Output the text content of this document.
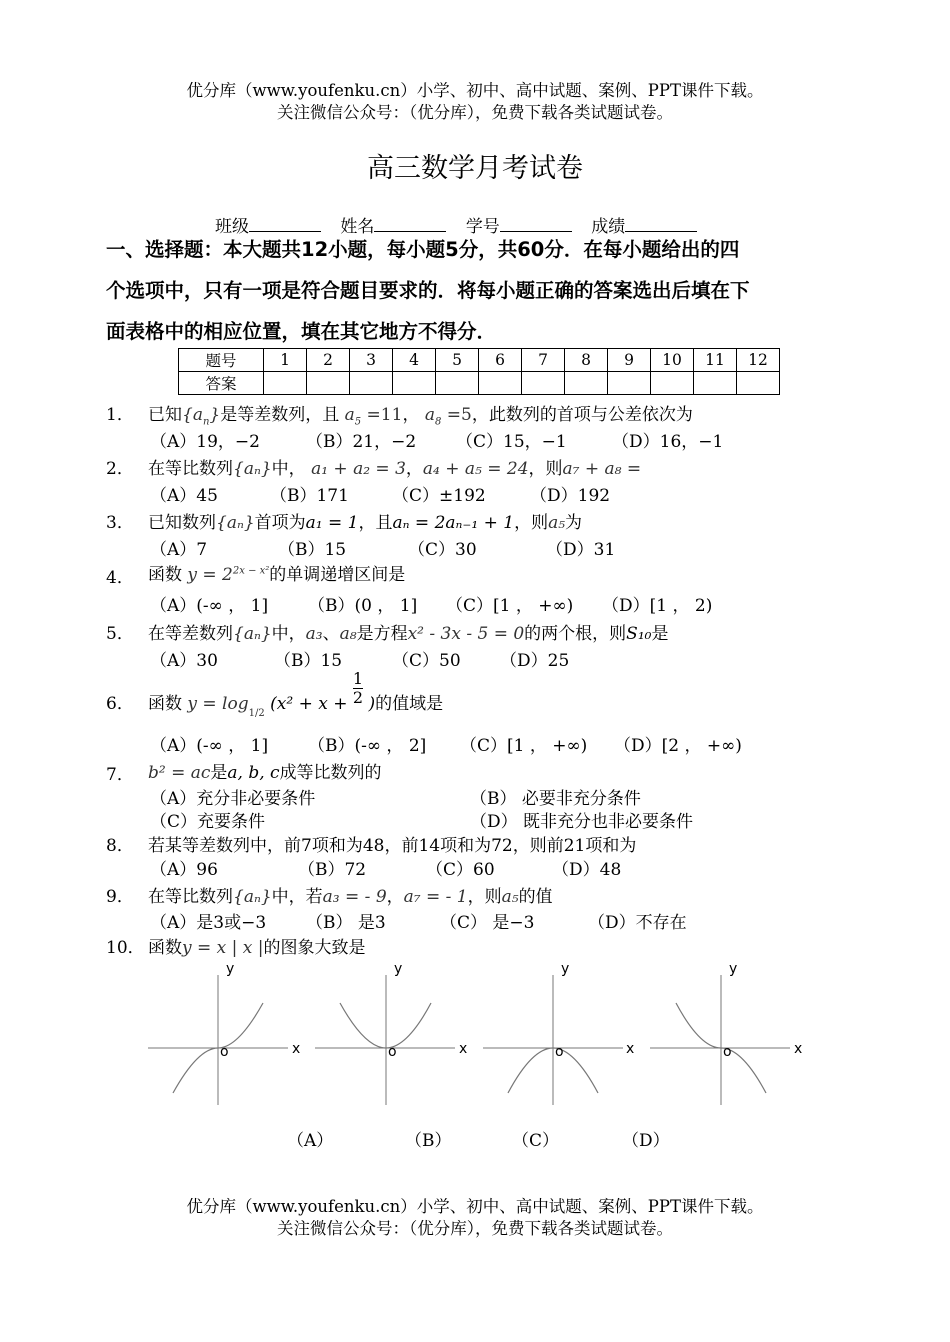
优分库（www.youfenku.cn）小学、初中、高中试题、案例、PPT课件下载。
关注微信公众号：（优分库），免费下载各类试题试卷。
高三数学月考试卷
班级	姓名	学号	成绩
一、选择题：本大题共12小题，每小题5分，共60分．在每小题给出的四
个选项中，只有一项是符合题目要求的．将每小题正确的答案选出后填在下
面表格中的相应位置，填在其它地方不得分．
题号	1	2	3	4	5	6	7	8	9	10	11	12
答案												
1． 已知$\{a_n\}$是等差数列，且 $a_5 =11$， $a_8 =5$，此数列的首项与公差依次为
（A）19，−2	（B）21，−2 （C）15，−1	（D）16，−1
2． 在等比数列{aₙ}中， a₁ + a₂ = 3，a₄ + a₅ = 24，则a₇ + a₈ =
（A）45	（B）171	（C）±192	（D）192
3． 已知数列{aₙ}首项为a₁ = 1，且aₙ = 2aₙ₋₁ + 1，则a₅为
（A）7	（B）15	（C）30	（D）31
4． 函数 $y = 2^{2x - x^2}$的单调递增区间是
（A）(-∞ ， 1] （B）(0 ， 1] （C）[1 ， +∞) （D）[1 ， 2)
5． 在等差数列{aₙ}中，a₃、a₈是方程x² - 3x - 5 = 0的两个根，则S₁₀是
（A）30	（B）15	（C）50 （D）25
6． 函数 $y = \log_{1/2} (x^2 + x + \frac{1}{2}$ )的值域是
（A）(-∞ ， 1] （B）(-∞ ， 2] （C）[1 ， +∞) （D）[2 ， +∞)
7． b² = ac是a, b, c成等比数列的
（A）充分非必要条件	（B） 必要非充分条件
（C）充要条件	（D） 既非充分也非必要条件
8． 若某等差数列中，前7项和为48，前14项和为72，则前21项和为
（A）96	（B）72	（C）60	（D）48
9． 在等比数列{aₙ}中，若a₃ = - 9，a₇ = - 1，则a₅的值
（A）是3或−3 （B） 是3	（C） 是−3	（D）不存在
10． 函数y = x | x |的图象大致是
y
x
o
y
x
o
y
x
o
y
x
o
（A）	（B）	（C）	（D）
优分库（www.youfenku.cn）小学、初中、高中试题、案例、PPT课件下载。
关注微信公众号：（优分库），免费下载各类试题试卷。
